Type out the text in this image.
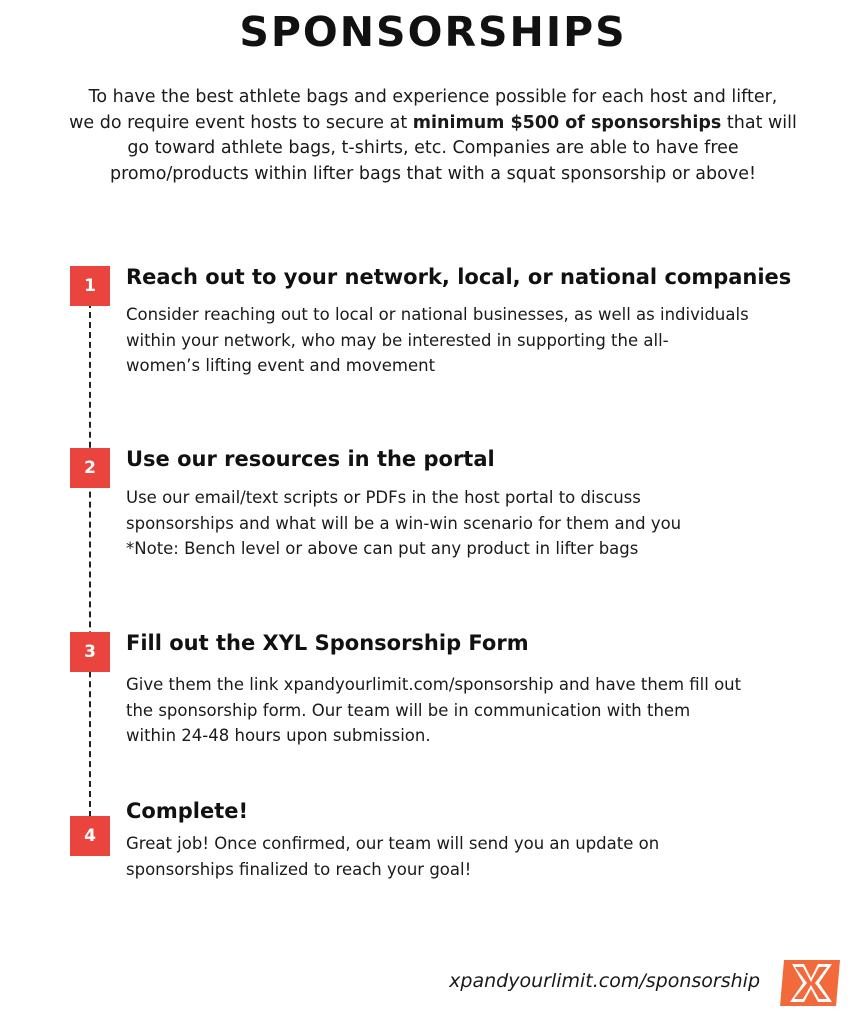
SPONSORSHIPS
To have the best athlete bags and experience possible for each host and lifter,
we do require event hosts to secure at minimum $500 of sponsorships that will
go toward athlete bags, t-shirts, etc. Companies are able to have free
promo/products within lifter bags that with a squat sponsorship or above!
1	Reach out to your network, local, or national companies
Consider reaching out to local or national businesses, as well as individuals
within your network, who may be interested in supporting the all-
women’s lifting event and movement
2	Use our resources in the portal
Use our email/text scripts or PDFs in the host portal to discuss
sponsorships and what will be a win-win scenario for them and you
*Note: Bench level or above can put any product in lifter bags
3	Fill out the XYL Sponsorship Form
Give them the link xpandyourlimit.com/sponsorship and have them fill out
the sponsorship form. Our team will be in communication with them
within 24-48 hours upon submission.
4
Complete!
Great job! Once confirmed, our team will send you an update on
sponsorships finalized to reach your goal!
xpandyourlimit.com/sponsorship
